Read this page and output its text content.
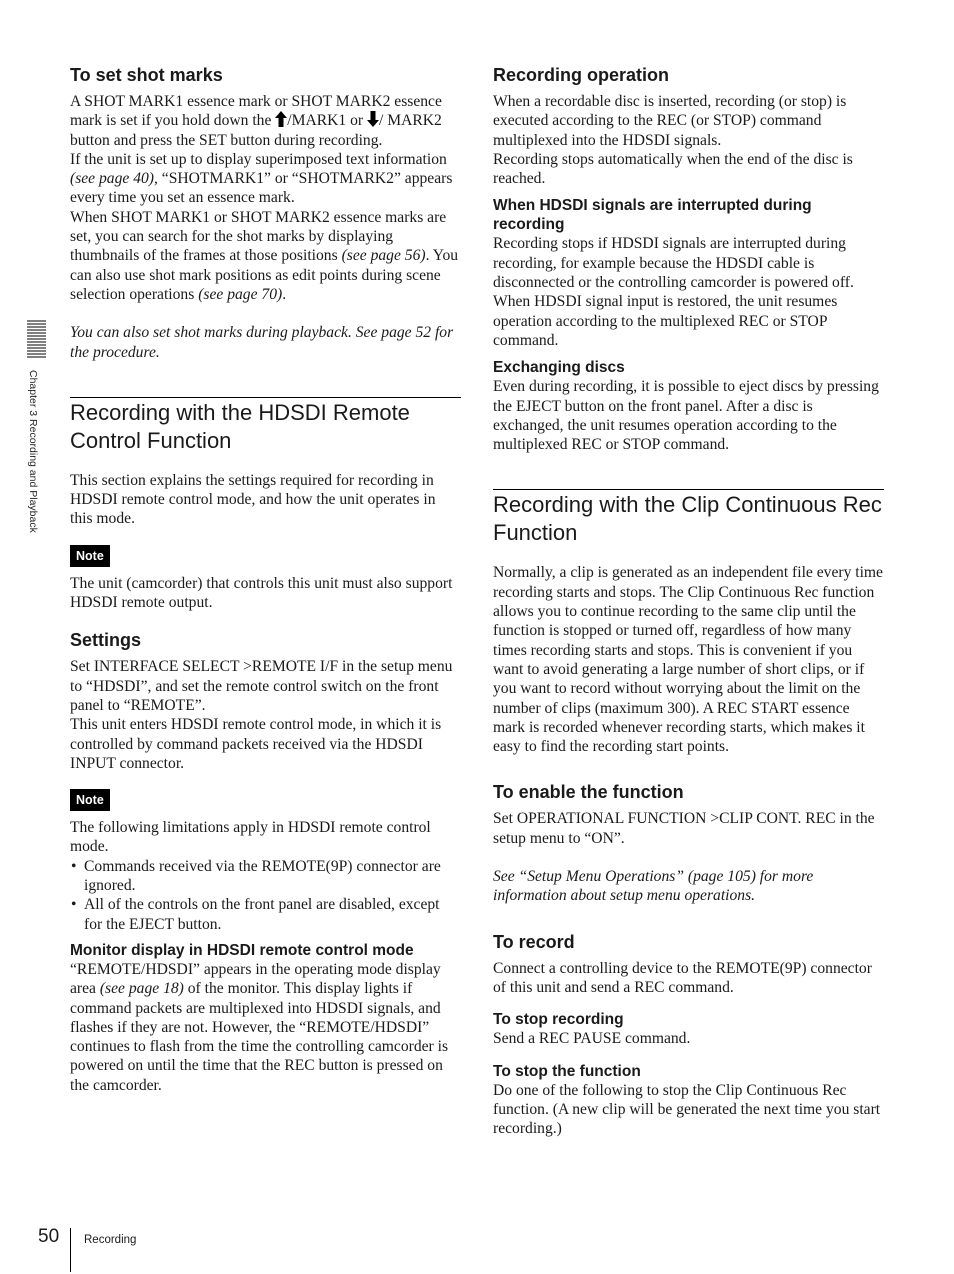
Chapter 3 Recording and Playback
To set shot marks

A SHOT MARK1 essence mark or SHOT MARK2 essence mark is set if you hold down the /MARK1 or / MARK2 button and press the SET button during recording.

If the unit is set up to display superimposed text information (see page 40), “SHOTMARK1” or “SHOTMARK2” appears every time you set an essence mark.

When SHOT MARK1 or SHOT MARK2 essence marks are set, you can search for the shot marks by displaying thumbnails of the frames at those positions (see page 56). You can also use shot mark positions as edit points during scene selection operations (see page 70).

You can also set shot marks during playback. See page 52 for the procedure.

Recording with the HDSDI Remote Control Function

This section explains the settings required for recording in HDSDI remote control mode, and how the unit operates in this mode.

Note

The unit (camcorder) that controls this unit must also support HDSDI remote output.

Settings

Set INTERFACE SELECT >REMOTE I/F in the setup menu to “HDSDI”, and set the remote control switch on the front panel to “REMOTE”.

This unit enters HDSDI remote control mode, in which it is controlled by command packets received via the HDSDI INPUT connector.

Note

The following limitations apply in HDSDI remote control mode.

• Commands received via the REMOTE(9P) connector are ignored.
• All of the controls on the front panel are disabled, except for the EJECT button.
Monitor display in HDSDI remote control mode

“REMOTE/HDSDI” appears in the operating mode display area (see page 18) of the monitor. This display lights if command packets are multiplexed into HDSDI signals, and flashes if they are not. However, the “REMOTE/HDSDI” continues to flash from the time the controlling camcorder is powered on until the time that the REC button is pressed on the camcorder.

Recording operation

When a recordable disc is inserted, recording (or stop) is executed according to the REC (or STOP) command multiplexed into the HDSDI signals.

Recording stops automatically when the end of the disc is reached.

When HDSDI signals are interrupted during recording

Recording stops if HDSDI signals are interrupted during recording, for example because the HDSDI cable is disconnected or the controlling camcorder is powered off.

When HDSDI signal input is restored, the unit resumes operation according to the multiplexed REC or STOP command.

Exchanging discs

Even during recording, it is possible to eject discs by pressing the EJECT button on the front panel. After a disc is exchanged, the unit resumes operation according to the multiplexed REC or STOP command.

Recording with the Clip Continuous Rec Function

Normally, a clip is generated as an independent file every time recording starts and stops. The Clip Continuous Rec function allows you to continue recording to the same clip until the function is stopped or turned off, regardless of how many times recording starts and stops. This is convenient if you want to avoid generating a large number of short clips, or if you want to record without worrying about the limit on the number of clips (maximum 300). A REC START essence mark is recorded whenever recording starts, which makes it easy to find the recording start points.

To enable the function

Set OPERATIONAL FUNCTION >CLIP CONT. REC in the setup menu to “ON”.

See “Setup Menu Operations” (page 105) for more information about setup menu operations.

To record

Connect a controlling device to the REMOTE(9P) connector of this unit and send a REC command.

To stop recording

Send a REC PAUSE command.

To stop the function

Do one of the following to stop the Clip Continuous Rec function. (A new clip will be generated the next time you start recording.)

50 Recording
